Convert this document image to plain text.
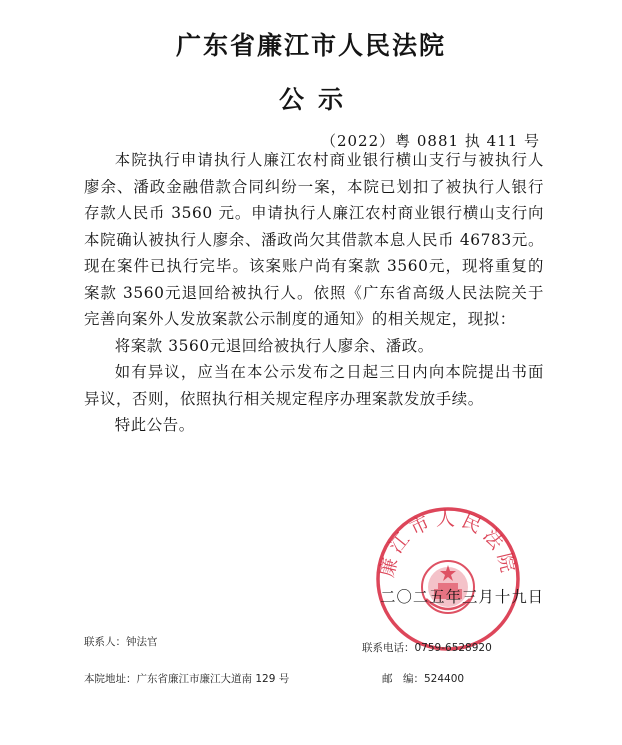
广东省廉江市人民法院
公示
（2022）粤 0881 执 411 号

本院执行申请执行人廉江农村商业银行横山支行与被执行人廖余、潘政金融借款合同纠纷一案，本院已划扣了被执行人银行存款人民币 3560 元。申请执行人廉江农村商业银行横山支行向本院确认被执行人廖余、潘政尚欠其借款本息人民币 46783元。现在案件已执行完毕。该案账户尚有案款 3560元，现将重复的案款 3560元退回给被执行人。依照《广东省高级人民法院关于完善向案外人发放案款公示制度的通知》的相关规定，现拟：

将案款 3560元退回给被执行人廖余、潘政。

如有异议，应当在本公示发布之日起三日内向本院提出书面异议，否则，依照执行相关规定程序办理案款发放手续。

特此公告。

廉江市人民法院
二〇二五年三月十九日
联系人：钟法官	联系电话：0759-6528920
本院地址：广东省廉江市廉江大道南 129 号	邮　编：524400
